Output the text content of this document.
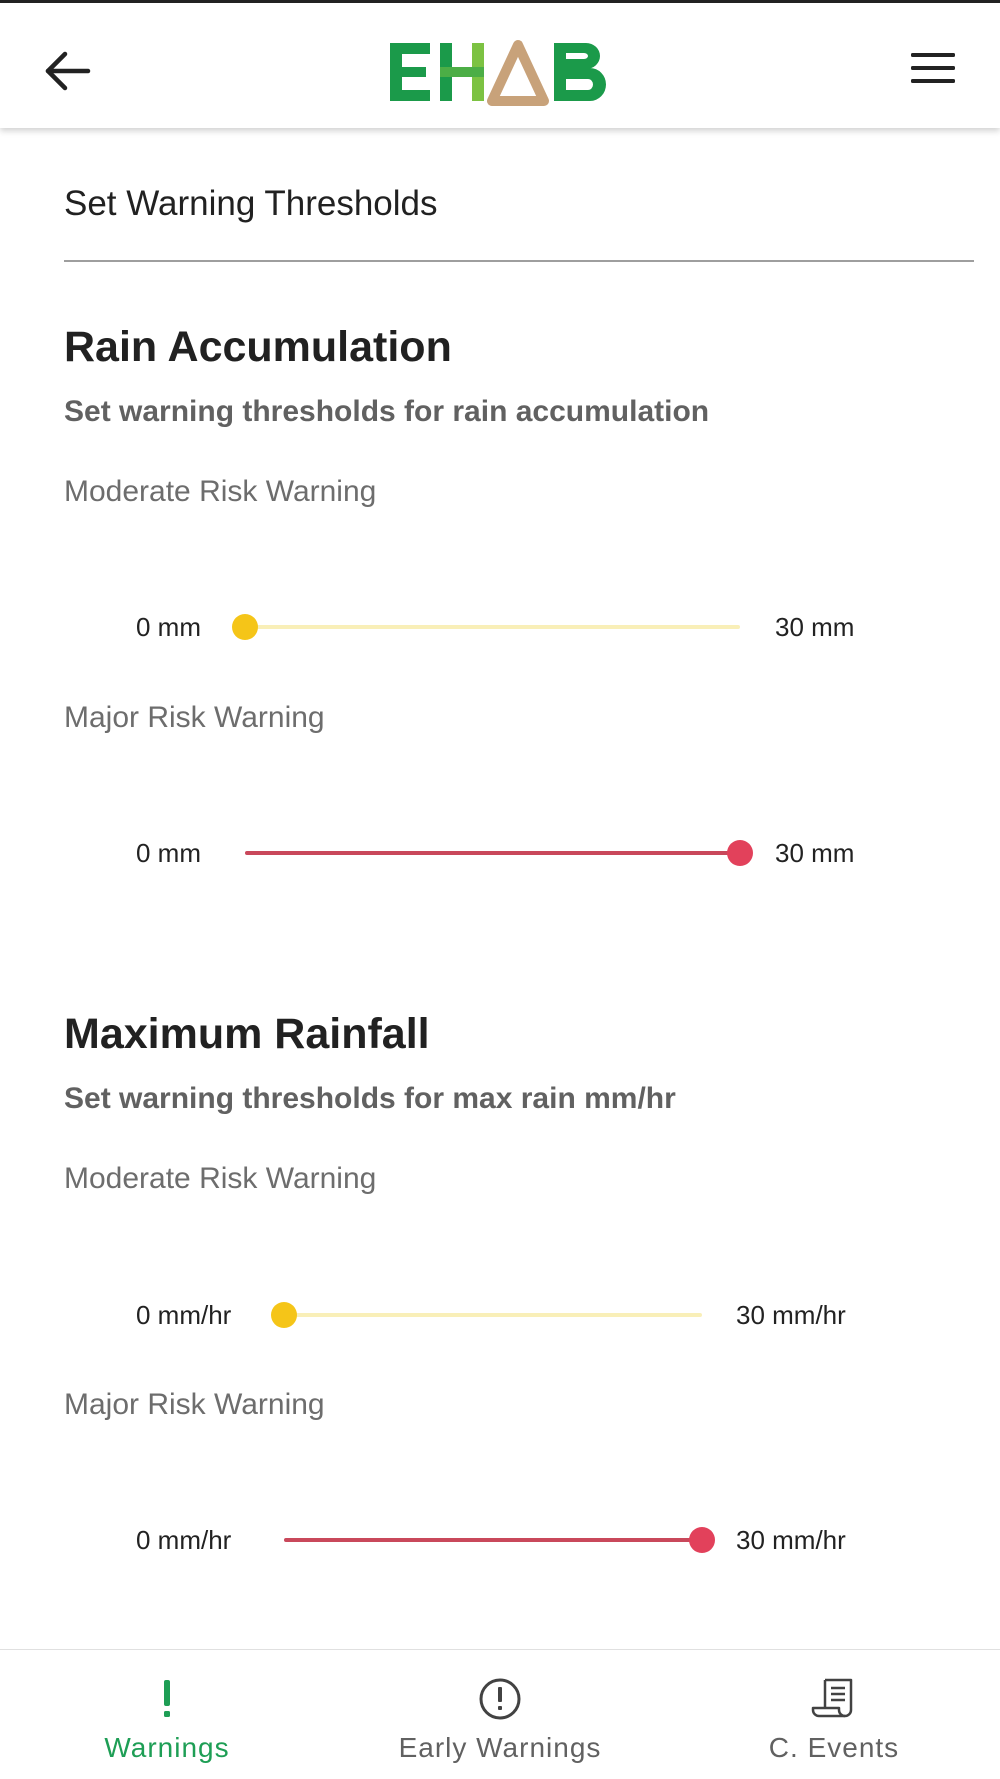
Set Warning Thresholds
Rain Accumulation
Set warning thresholds for rain accumulation
Moderate Risk Warning
0 mm	30 mm
Major Risk Warning
0 mm	30 mm
Maximum Rainfall
Set warning thresholds for max rain mm/hr
Moderate Risk Warning
0 mm/hr	30 mm/hr
Major Risk Warning
0 mm/hr	30 mm/hr
Warnings	Early Warnings	C. Events
